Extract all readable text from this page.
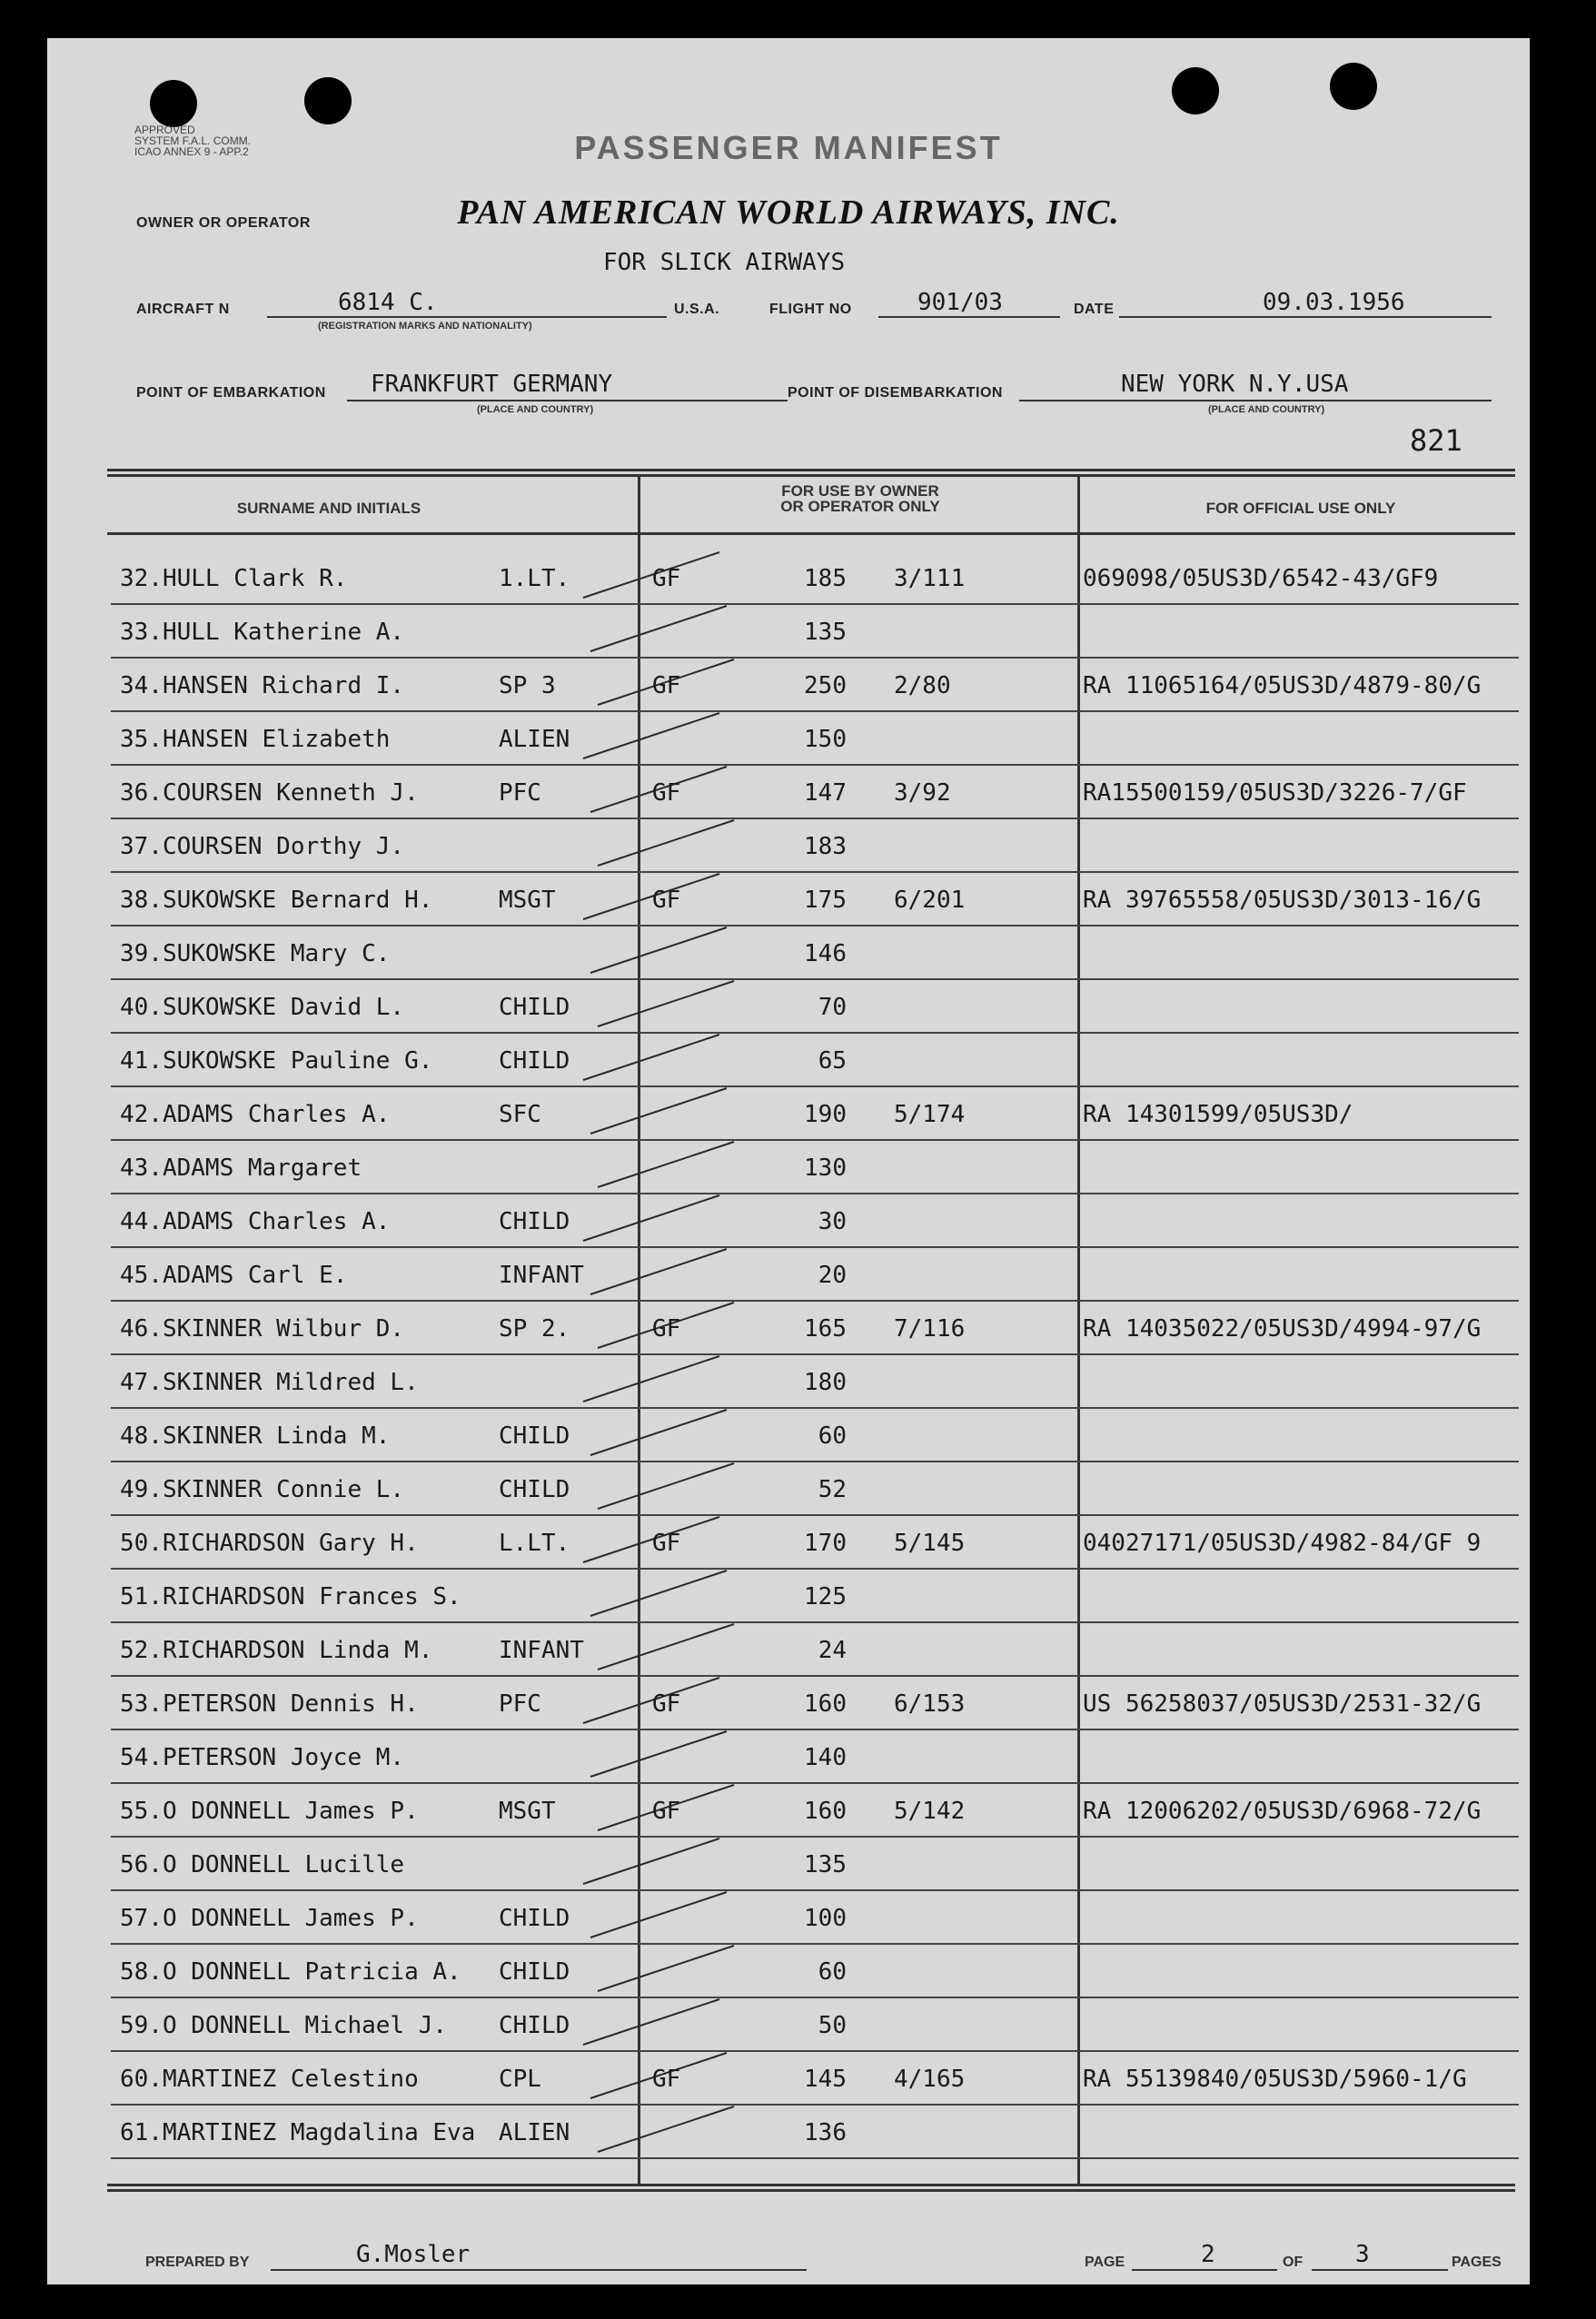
APPROVED
SYSTEM F.A.L. COMM.
ICAO ANNEX 9 - APP.2	PASSENGER MANIFEST
OWNER OR OPERATOR	PAN AMERICAN WORLD AIRWAYS, INC.
FOR SLICK AIRWAYS
AIRCRAFT N	6814 C.
(REGISTRATION MARKS AND NATIONALITY)
U.S.A.	FLIGHT NO	901/03	DATE	09.03.1956
POINT OF EMBARKATION FRANKFURT GERMANY
(PLACE AND COUNTRY)
POINT OF DISEMBARKATION	NEW YORK N.Y.USA
(PLACE AND COUNTRY)
821
SURNAME AND INITIALS
FOR USE BY OWNER
OR OPERATOR ONLY	FOR OFFICIAL USE ONLY
32.HULL Clark R.	1.LT.	GF	185 3/111	069098/05US3D/6542-43/GF9
33.HULL Katherine A.	135
34.HANSEN Richard I.	SP 3	GF	250 2/80	RA 11065164/05US3D/4879-80/G
35.HANSEN Elizabeth	ALIEN	150
36.COURSEN Kenneth J.	PFC	GF	147 3/92	RA15500159/05US3D/3226-7/GF
37.COURSEN Dorthy J.	183
38.SUKOWSKE Bernard H.	MSGT	GF	175 6/201	RA 39765558/05US3D/3013-16/G
39.SUKOWSKE Mary C.	146
40.SUKOWSKE David L.	CHILD	70
41.SUKOWSKE Pauline G.	CHILD	65
42.ADAMS Charles A.	SFC	190 5/174	RA 14301599/05US3D/
43.ADAMS Margaret	130
44.ADAMS Charles A.	CHILD	30
45.ADAMS Carl E.	INFANT	20
46.SKINNER Wilbur D.	SP 2.	GF	165 7/116	RA 14035022/05US3D/4994-97/G
47.SKINNER Mildred L.	180
48.SKINNER Linda M.	CHILD	60
49.SKINNER Connie L.	CHILD	52
50.RICHARDSON Gary H.	L.LT.	GF	170 5/145	04027171/05US3D/4982-84/GF 9
51.RICHARDSON Frances S.	125
52.RICHARDSON Linda M.	INFANT	24
53.PETERSON Dennis H.	PFC	GF	160 6/153	US 56258037/05US3D/2531-32/G
54.PETERSON Joyce M.	140
55.O DONNELL James P.	MSGT	GF	160 5/142	RA 12006202/05US3D/6968-72/G
56.O DONNELL Lucille	135
57.O DONNELL James P.	CHILD	100
58.O DONNELL Patricia A. CHILD	60
59.O DONNELL Michael J. CHILD	50
60.MARTINEZ Celestino	CPL	GF	145 4/165	RA 55139840/05US3D/5960-1/G
61.MARTINEZ Magdalina Eva ALIEN	136
PREPARED BY	G.Mosler	PAGE	2	OF 3	PAGES
